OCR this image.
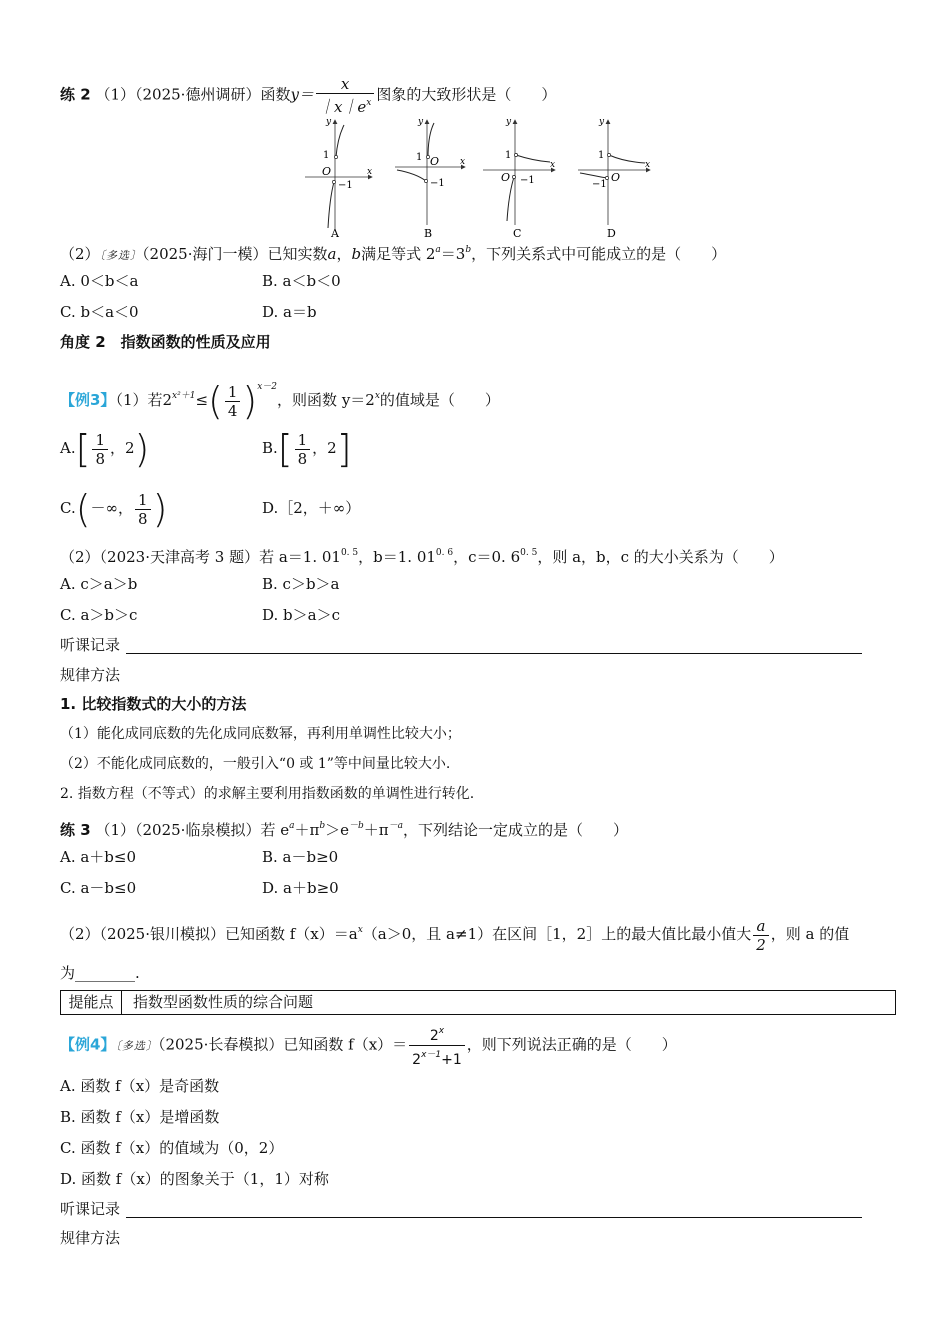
练 2 （1）（2025·德州调研）函数$y= \frac{x}{|x|e^x}$ 图象的大致形状是（　　）
y
x
O
1
−1
A
y
x
O
1
−1
B
y
x
O
1
−1
C
y
x
O
1
−1
D
（2）〔多选〕（2025·海门一模）已知实数a，b满足等式 $2^a=3^b$，下列关系式中可能成立的是（　　）
A. 0＜b＜a	B. a＜b＜0
C. b＜a＜0	D. a＝b
角度 2　指数函数的性质及应用
【例3】（1）若$2^{x^2+1}\le( \frac{1}{4} )^{x-2}$，则函数 $y=2^x$的值域是（　　）
$A.[ \frac{1}{8}$ ，2)	$B.[ \frac{1}{8}$ ，2]
C.(－∞， $\frac{1}{8}$ )	D.［2，＋∞）
（2）（2023·天津高考 3 题）若 a＝1. $01^{0. 5}$，b＝1. $01^{0. 6}$，c＝0. $6^{0. 5}$，则 a，b，c 的大小关系为（　　）
A. c＞a＞b	B. c＞b＞a
C. a＞b＞c	D. b＞a＞c
听课记录
规律方法
1. 比较指数式的大小的方法
（1）能化成同底数的先化成同底数幂，再利用单调性比较大小；
（2）不能化成同底数的，一般引入“0 或 1”等中间量比较大小.
2. 指数方程（不等式）的求解主要利用指数函数的单调性进行转化.
练 3 （1）（2025·临泉模拟）若 $e^a+\pi^b>e^{-b}+\pi^{-a}$，下列结论一定成立的是（　　）
A. a＋b≤0	B. a－b≥0
C. a－b≤0	D. a＋b≥0
（2）（2025·银川模拟）已知函数 $f(x)=a^x(a>0$，且 a≠1）在区间［1，2］上的最大值比最小值大 $\frac{a}{2}$ ，则 a 的值
为________.
提能点	指数型函数性质的综合问题
【例4】〔多选〕（2025·长春模拟）已知函数 $f(x)= \frac{2^x}{2^{x-1}+1}$ ，则下列说法正确的是（　　）
A. 函数 f（x）是奇函数
B. 函数 f（x）是增函数
C. 函数 f（x）的值域为（0，2）
D. 函数 f（x）的图象关于（1，1）对称
听课记录
规律方法
